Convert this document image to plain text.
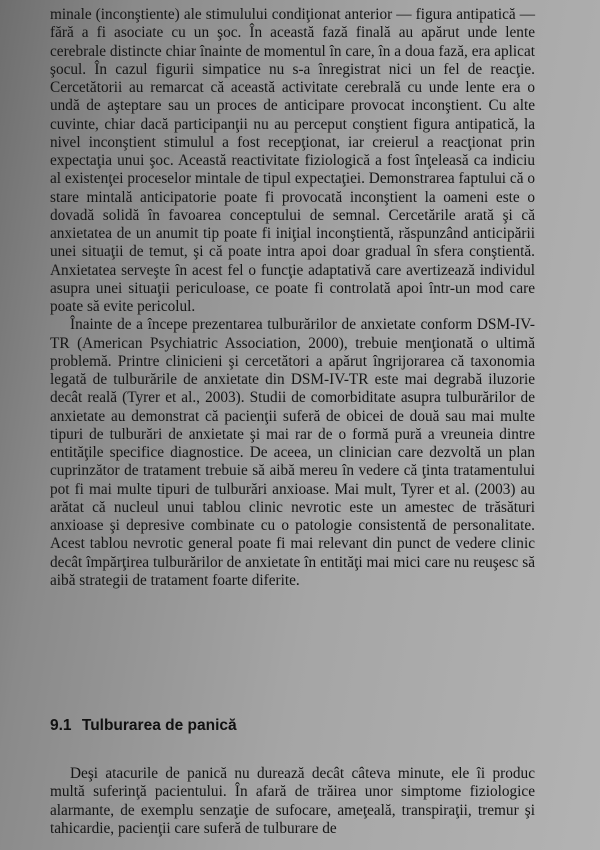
minale (inconştiente) ale stimulului condiţionat anterior — figura antipatică — fără a fi asociate cu un şoc. În această fază finală au apărut unde lente cerebrale distincte chiar înainte de momentul în care, în a doua fază, era aplicat şocul. În cazul figurii simpatice nu s-a înregistrat nici un fel de reacţie. Cercetătorii au remarcat că această activitate cerebrală cu unde lente era o undă de aşteptare sau un proces de anticipare provocat inconştient. Cu alte cuvinte, chiar dacă participanţii nu au perceput conştient figura antipatică, la nivel inconştient stimulul a fost recepţionat, iar creierul a reacţionat prin expectaţia unui şoc. Această reactivitate fiziologică a fost înţeleasă ca indiciu al existenţei proceselor mintale de tipul expectaţiei. Demonstrarea faptului că o stare mintală anticipatorie poate fi provocată inconştient la oameni este o dovadă solidă în favoarea conceptului de semnal. Cercetările arată şi că anxietatea de un anumit tip poate fi iniţial inconştientă, răspunzând anticipării unei situaţii de temut, şi că poate intra apoi doar gradual în sfera conştientă. Anxietatea serveşte în acest fel o funcţie adaptativă care avertizează individul asupra unei situaţii periculoase, ce poate fi controlată apoi într-un mod care poate să evite pericolul.

Înainte de a începe prezentarea tulburărilor de anxietate conform DSM-IV-TR (American Psychiatric Association, 2000), trebuie menţionată o ultimă problemă. Printre clinicieni şi cercetători a apărut îngrijorarea că taxonomia legată de tulburările de anxietate din DSM-IV-TR este mai degrabă iluzorie decât reală (Tyrer et al., 2003). Studii de comorbiditate asupra tulburărilor de anxietate au demonstrat că pacienţii suferă de obicei de două sau mai multe tipuri de tulburări de anxietate şi mai rar de o formă pură a vreuneia dintre entităţile specifice diagnostice. De aceea, un clinician care dezvoltă un plan cuprinzător de tratament trebuie să aibă mereu în vedere că ţinta tratamentului pot fi mai multe tipuri de tulburări anxioase. Mai mult, Tyrer et al. (2003) au arătat că nucleul unui tablou clinic nevrotic este un amestec de trăsături anxioase şi depresive combinate cu o patologie consistentă de personalitate. Acest tablou nevrotic general poate fi mai relevant din punct de vedere clinic decât împărţirea tulburărilor de anxietate în entităţi mai mici care nu reuşesc să aibă strategii de tratament foarte diferite.

9.1 Tulburarea de panică

Deşi atacurile de panică nu durează decât câteva minute, ele îi produc multă suferinţă pacientului. În afară de trăirea unor simptome fiziologice alarmante, de exemplu senzaţie de sufocare, ameţeală, transpiraţii, tremur şi tahicardie, pacienţii care suferă de tulburare de
